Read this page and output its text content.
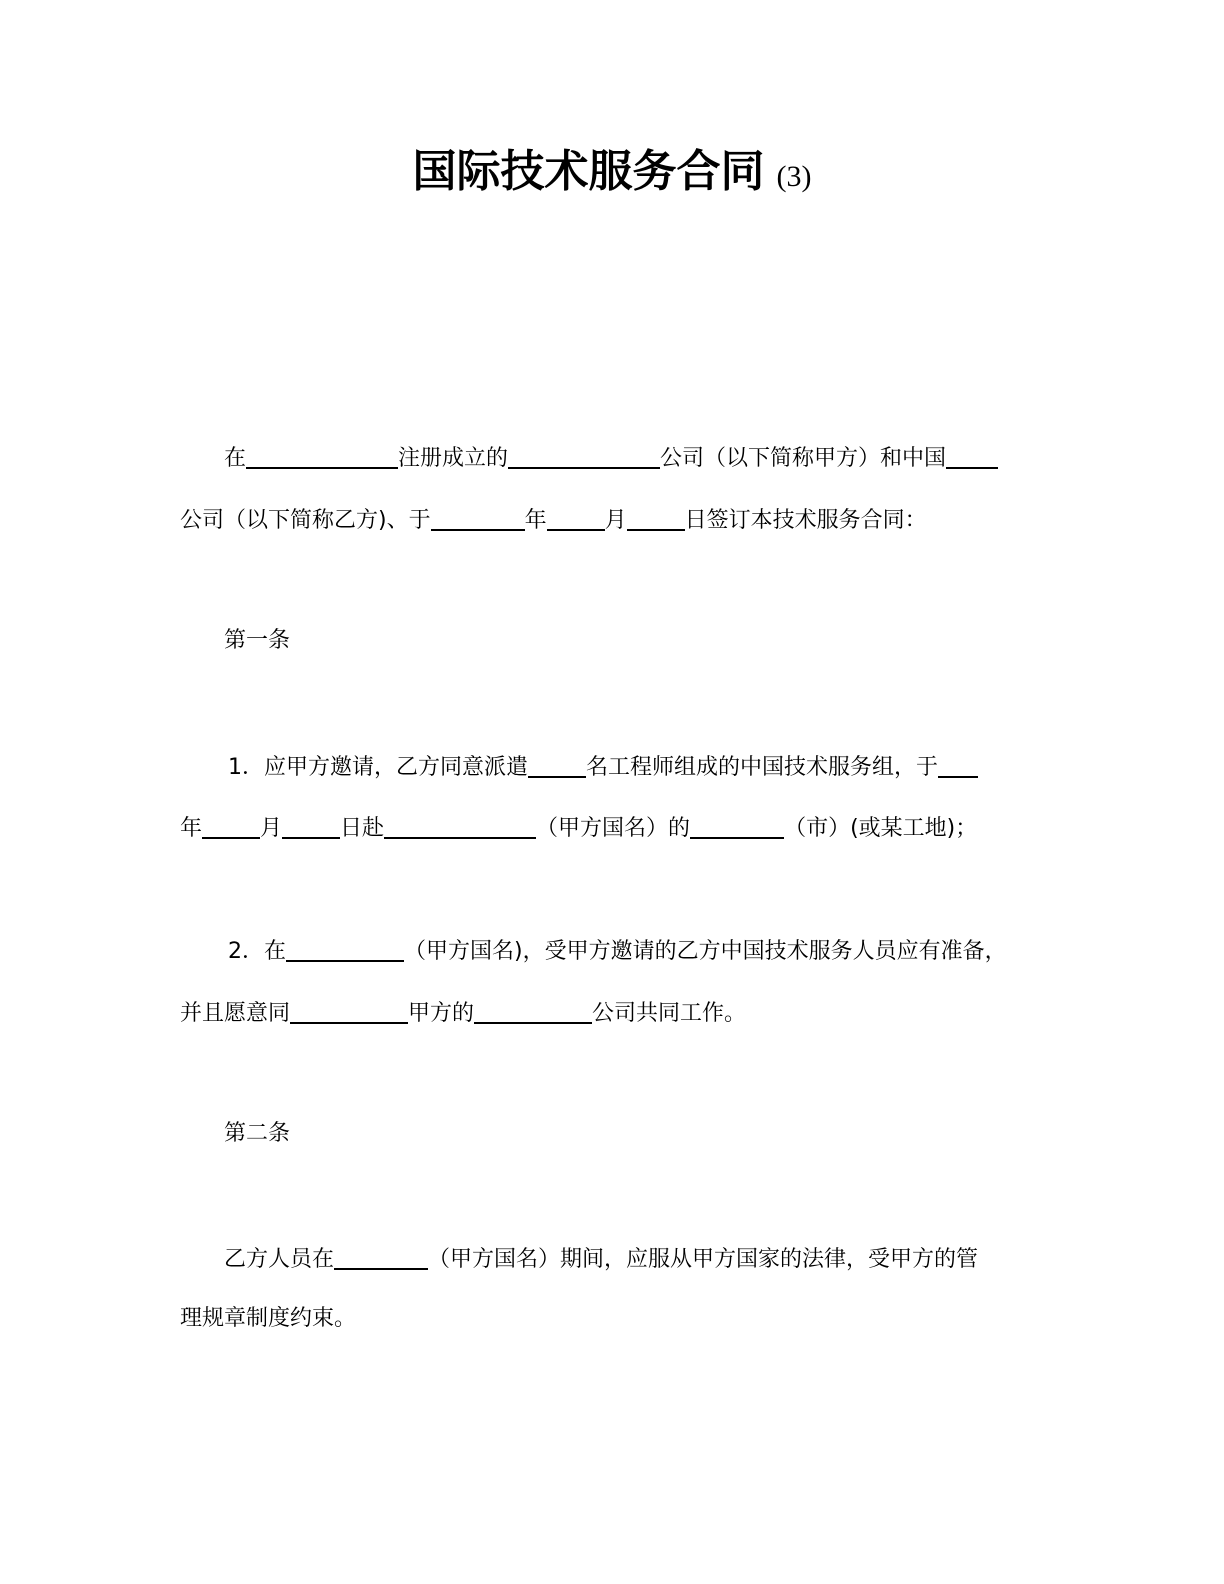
国际技术服务合同 (3)
在	注册成立的	公司（以下简称甲方）和中国
公司（以下简称乙方)、于	年	月	日签订本技术服务合同：
第一条
1．应甲方邀请，乙方同意派遣	名工程师组成的中国技术服务组，于
年	月	日赴	（甲方国名）的	（市）(或某工地)；
2．在	（甲方国名)，受甲方邀请的乙方中国技术服务人员应有准备，
并且愿意同	甲方的	公司共同工作。
第二条
乙方人员在	（甲方国名）期间，应服从甲方国家的法律，受甲方的管
理规章制度约束。
